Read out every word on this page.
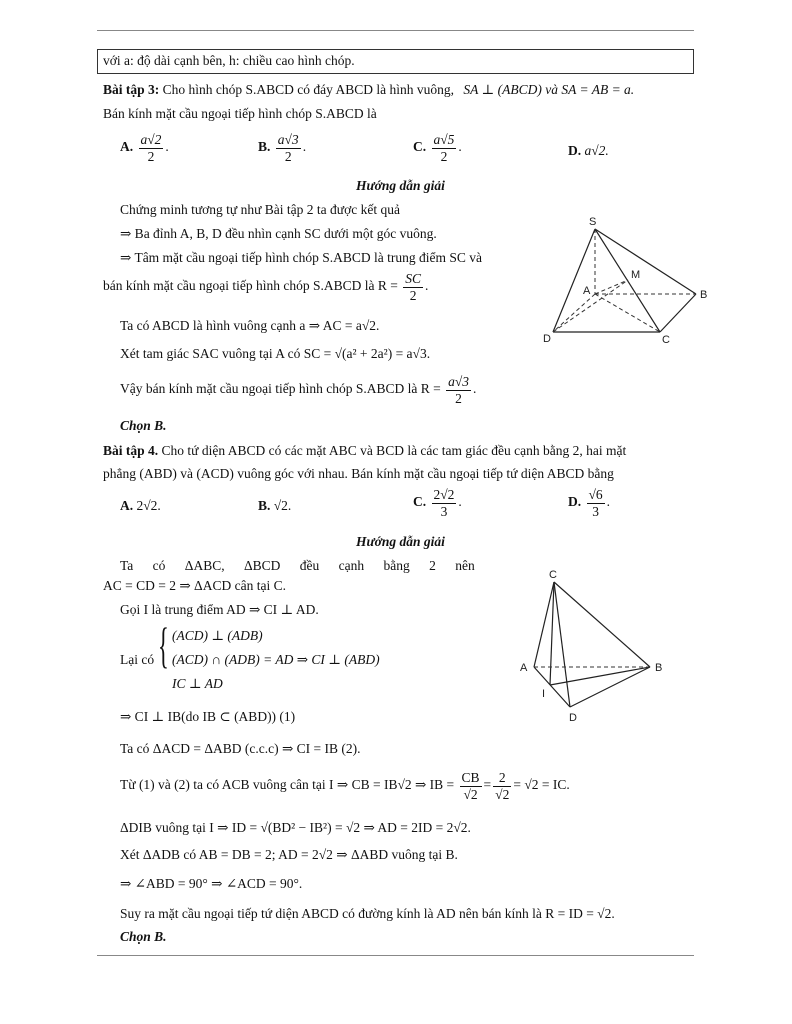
với a: độ dài cạnh bên, h: chiều cao hình chóp.
Bài tập 3: Cho hình chóp S.ABCD có đáy ABCD là hình vuông, SA ⊥ (ABCD) và SA = AB = a.
Bán kính mặt cầu ngoại tiếp hình chóp S.ABCD là
A. $\frac{a√2}{2}$ .	B. $\frac{a√3}{2}$ .	C. $\frac{a√5}{2}$ .	D. a√2.
Hướng dẫn giải
Chứng minh tương tự như Bài tập 2 ta được kết quả
⇒ Ba đỉnh A, B, D đều nhìn cạnh SC dưới một góc vuông.
⇒ Tâm mặt cầu ngoại tiếp hình chóp S.ABCD là trung điểm SC và
bán kính mặt cầu ngoại tiếp hình chóp S.ABCD là $R = \frac{SC}{2}$ .
Ta có ABCD là hình vuông cạnh a ⇒ AC = a√2.
Xét tam giác SAC vuông tại A có SC = √(a² + 2a²) = a√3.
Vậy bán kính mặt cầu ngoại tiếp hình chóp S.ABCD là $R = \frac{a√3}{2}$ .
Chọn B.
S
M
A	B
D	C
Bài tập 4. Cho tứ diện ABCD có các mặt ABC và BCD là các tam giác đều cạnh bằng 2, hai mặt
phẳng (ABD) và (ACD) vuông góc với nhau. Bán kính mặt cầu ngoại tiếp tứ diện ABCD bằng
A. 2√2.	B. √2.	C. $\frac{2√2}{3}$ .	D. $\frac{√6}{3}$ .
Hướng dẫn giải
Ta có ΔABC, ΔBCD đều cạnh bằng 2 nên
AC = CD = 2 ⇒ ΔACD cân tại C.
Gọi I là trung điểm AD ⇒ CI ⊥ AD.
Lại có { (ACD) ⊥ (ADB)
(ACD) ∩ (ADB) = AD ⇒ CI ⊥ (ABD)
IC ⊥ AD
⇒ CI ⊥ IB(do IB ⊂ (ABD)) (1)
Ta có ΔACD = ΔABD (c.c.c) ⇒ CI = IB (2).
Từ (1) và (2) ta có ACB vuông cân tại I ⇒ CB = IB√2 ⇒ IB = $\frac{CB}{√2} = \frac{2}{√2} = √2$ = IC.
ΔDIB vuông tại I ⇒ ID = √(BD² − IB²) = √2 ⇒ AD = 2ID = 2√2.
Xét ΔADB có AB = DB = 2; AD = 2√2 ⇒ ΔABD vuông tại B.
⇒ ∠ABD = 90° ⇒ ∠ACD = 90°.
Suy ra mặt cầu ngoại tiếp tứ diện ABCD có đường kính là AD nên bán kính là R = ID = √2.
Chọn B.
C
A	B
I
D
